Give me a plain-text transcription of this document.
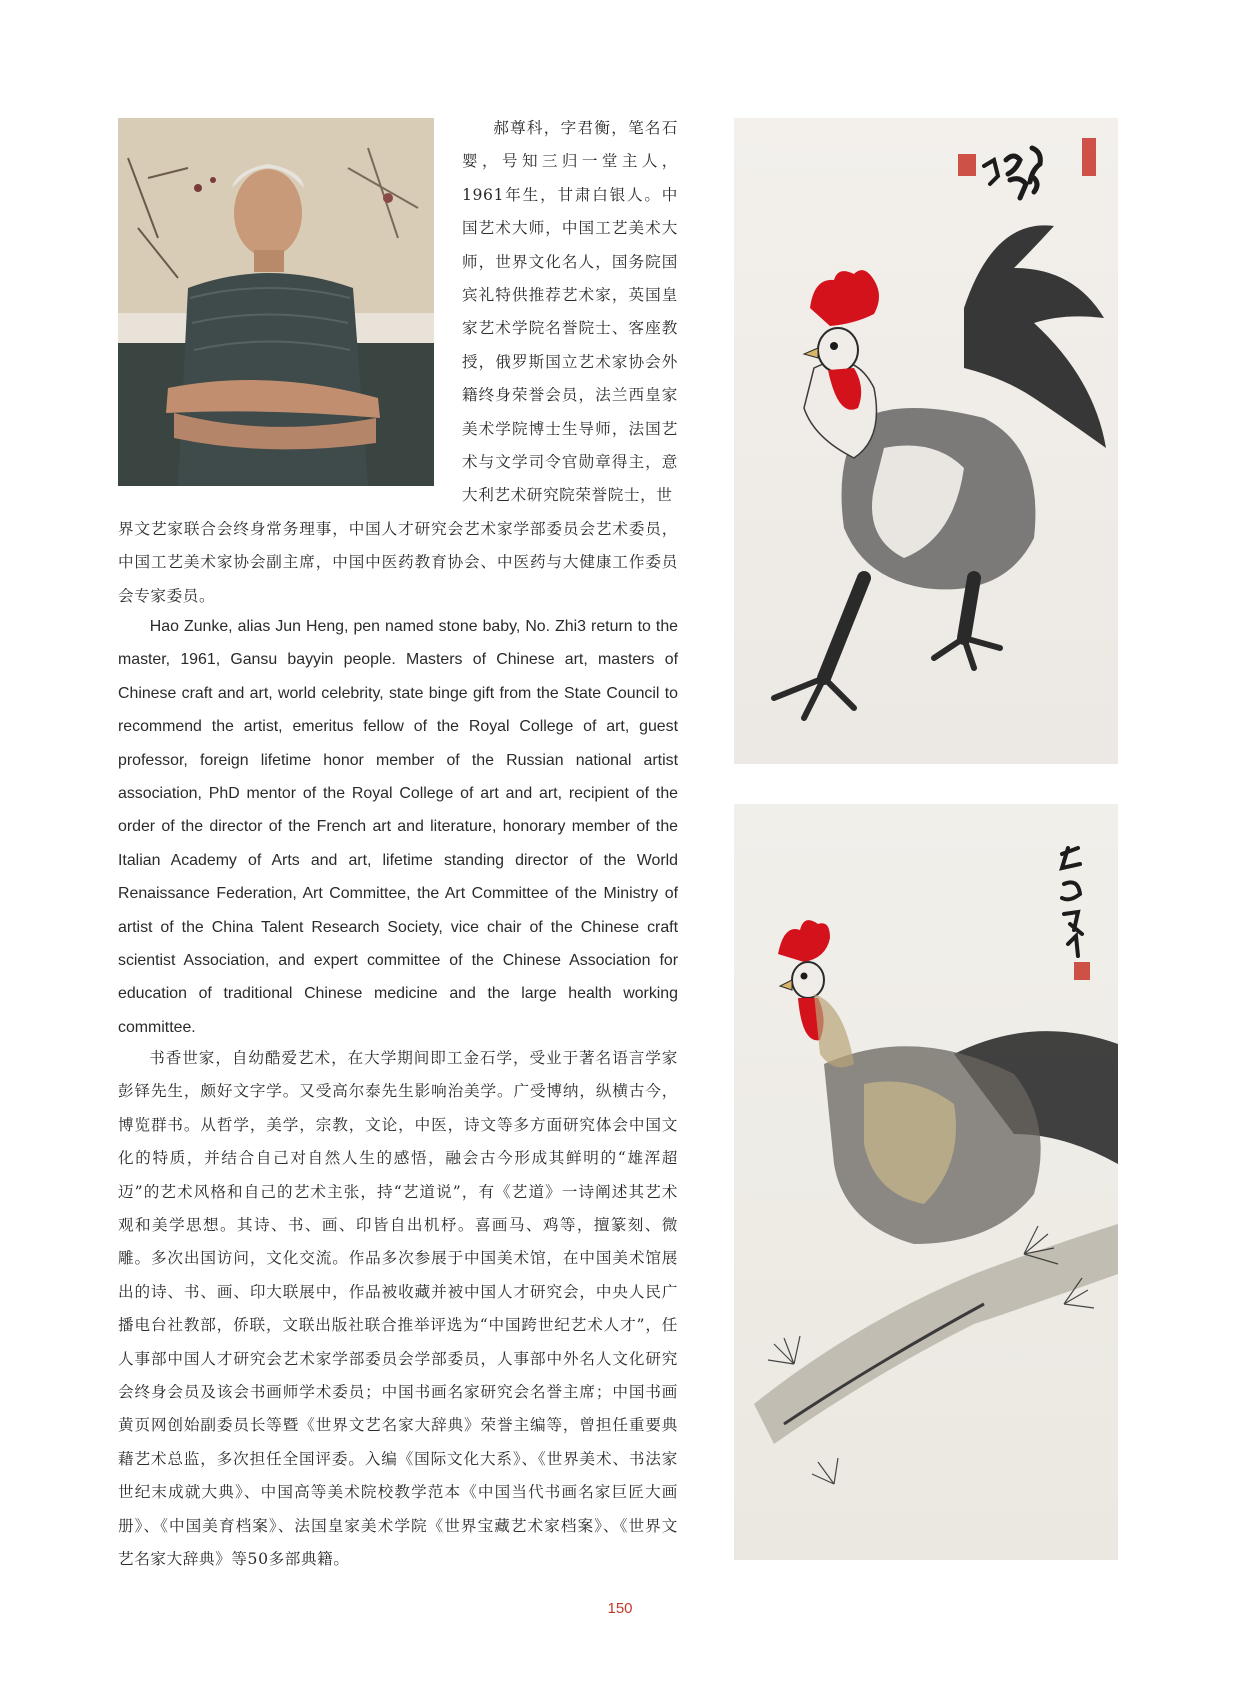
郝尊科，字君衡，笔名石婴，号知三归一堂主人，1961年生，甘肃白银人。中国艺术大师，中国工艺美术大师，世界文化名人，国务院国宾礼特供推荐艺术家，英国皇家艺术学院名誉院士、客座教授，俄罗斯国立艺术家协会外籍终身荣誉会员，法兰西皇家美术学院博士生导师，法国艺术与文学司令官勋章得主，意大利艺术研究院荣誉院士，世

界文艺家联合会终身常务理事，中国人才研究会艺术家学部委员会艺术委员，中国工艺美术家协会副主席，中国中医药教育协会、中医药与大健康工作委员会专家委员。

Hao Zunke, alias Jun Heng, pen named stone baby, No. Zhi3 return to the master, 1961, Gansu bayyin people. Masters of Chinese art, masters of Chinese craft and art, world celebrity, state binge gift from the State Council to recommend the artist, emeritus fellow of the Royal College of art, guest professor, foreign lifetime honor member of the Russian national artist association, PhD mentor of the Royal College of art and art, recipient of the order of the director of the French art and literature, honorary member of the Italian Academy of Arts and art, lifetime standing director of the World Renaissance Federation, Art Committee, the Art Committee of the Ministry of artist of the China Talent Research Society, vice chair of the Chinese craft scientist Association, and expert committee of the Chinese Association for education of traditional Chinese medicine and the large health working committee.

书香世家，自幼酷爱艺术，在大学期间即工金石学，受业于著名语言学家彭铎先生，颇好文字学。又受高尔泰先生影响治美学。广受博纳，纵横古今，博览群书。从哲学，美学，宗教，文论，中医，诗文等多方面研究体会中国文化的特质，并结合自己对自然人生的感悟，融会古今形成其鲜明的“雄浑超迈”的艺术风格和自己的艺术主张，持“艺道说”，有《艺道》一诗阐述其艺术观和美学思想。其诗、书、画、印皆自出机杼。喜画马、鸡等，擅篆刻、微雕。多次出国访问，文化交流。作品多次参展于中国美术馆，在中国美术馆展出的诗、书、画、印大联展中，作品被收藏并被中国人才研究会，中央人民广播电台社教部，侨联，文联出版社联合推举评选为“中国跨世纪艺术人才”，任人事部中国人才研究会艺术家学部委员会学部委员，人事部中外名人文化研究会终身会员及该会书画师学术委员；中国书画名家研究会名誉主席；中国书画黄页网创始副委员长等暨《世界文艺名家大辞典》荣誉主编等，曾担任重要典藉艺术总监，多次担任全国评委。入编《国际文化大系》、《世界美术、书法家世纪末成就大典》、中国高等美术院校教学范本《中国当代书画名家巨匠大画册》、《中国美育档案》、法国皇家美术学院《世界宝藏艺术家档案》、《世界文艺名家大辞典》等50多部典籍。

150
